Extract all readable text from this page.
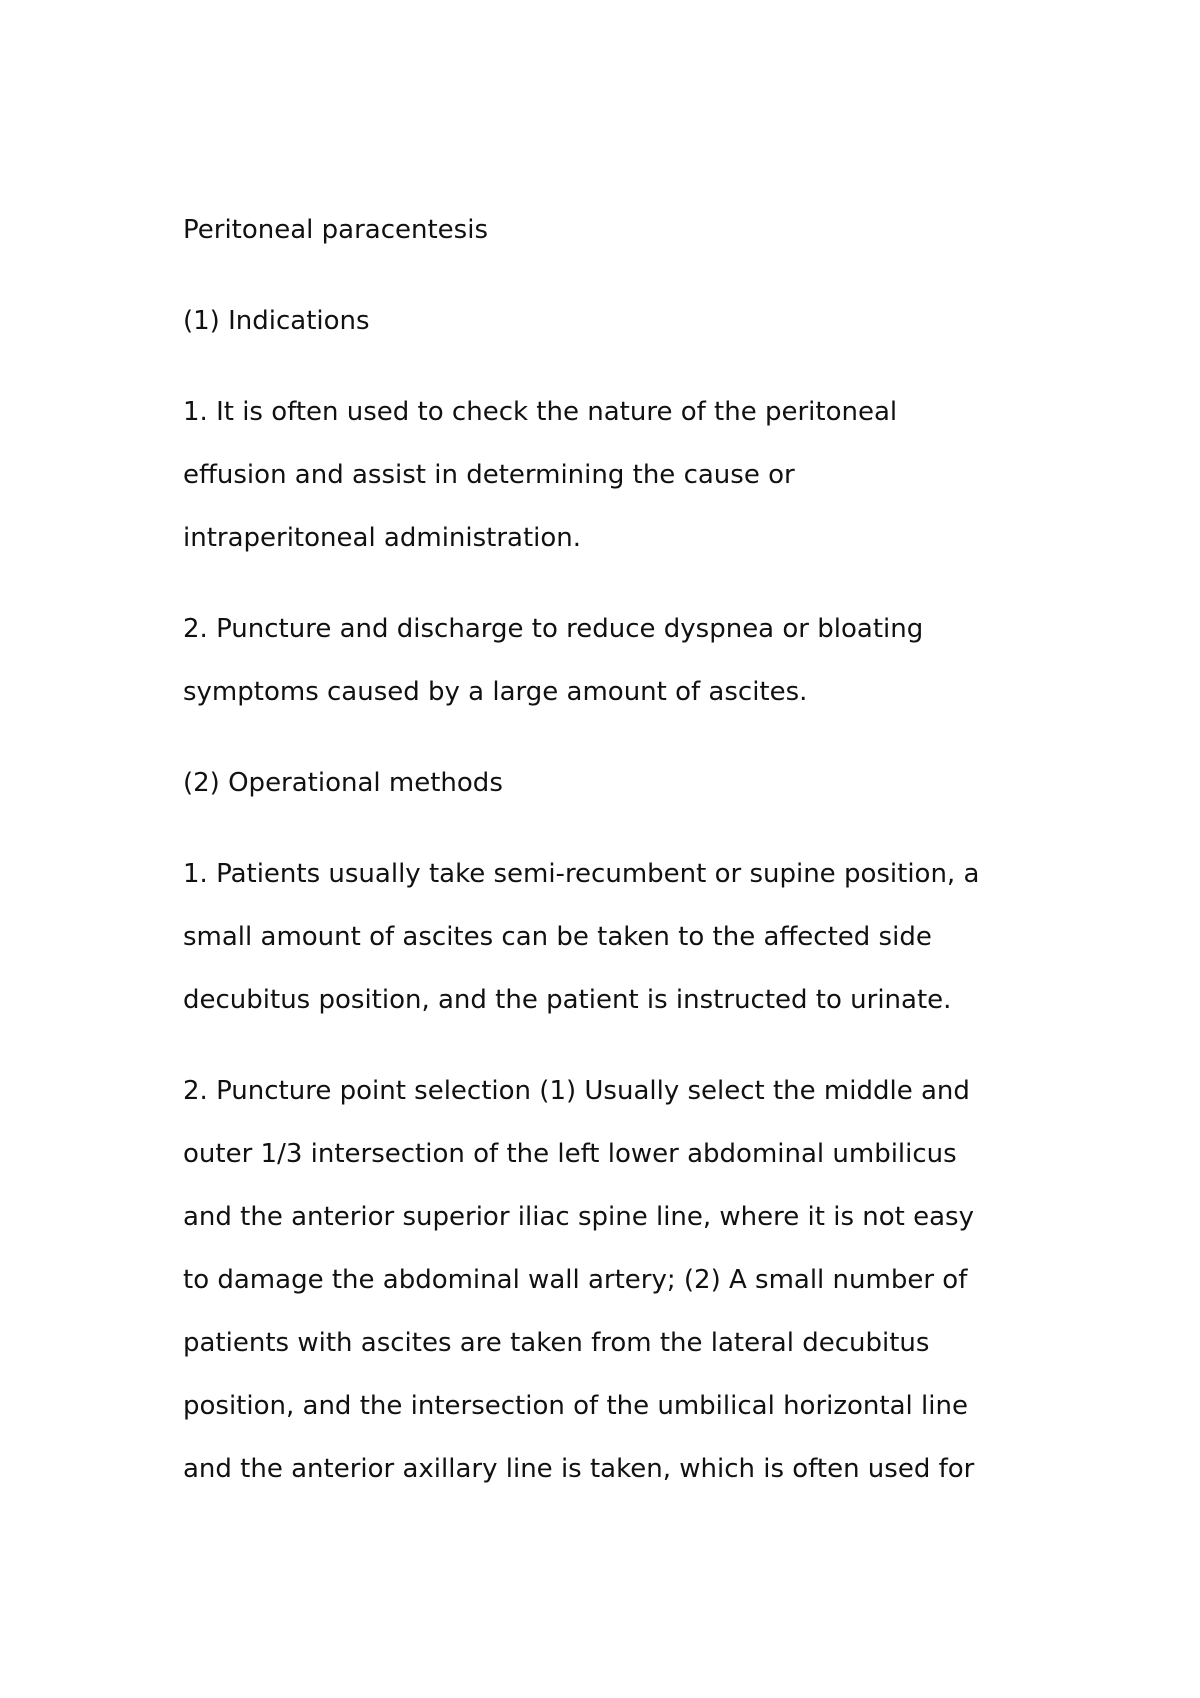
Peritoneal paracentesis

(1) Indications

1. It is often used to check the nature of the peritoneal
effusion and assist in determining the cause or
intraperitoneal administration.

2. Puncture and discharge to reduce dyspnea or bloating
symptoms caused by a large amount of ascites.

(2) Operational methods

1. Patients usually take semi-recumbent or supine position, a
small amount of ascites can be taken to the affected side
decubitus position, and the patient is instructed to urinate.

2. Puncture point selection (1) Usually select the middle and
outer 1/3 intersection of the left lower abdominal umbilicus
and the anterior superior iliac spine line, where it is not easy
to damage the abdominal wall artery; (2) A small number of
patients with ascites are taken from the lateral decubitus
position, and the intersection of the umbilical horizontal line
and the anterior axillary line is taken, which is often used for
